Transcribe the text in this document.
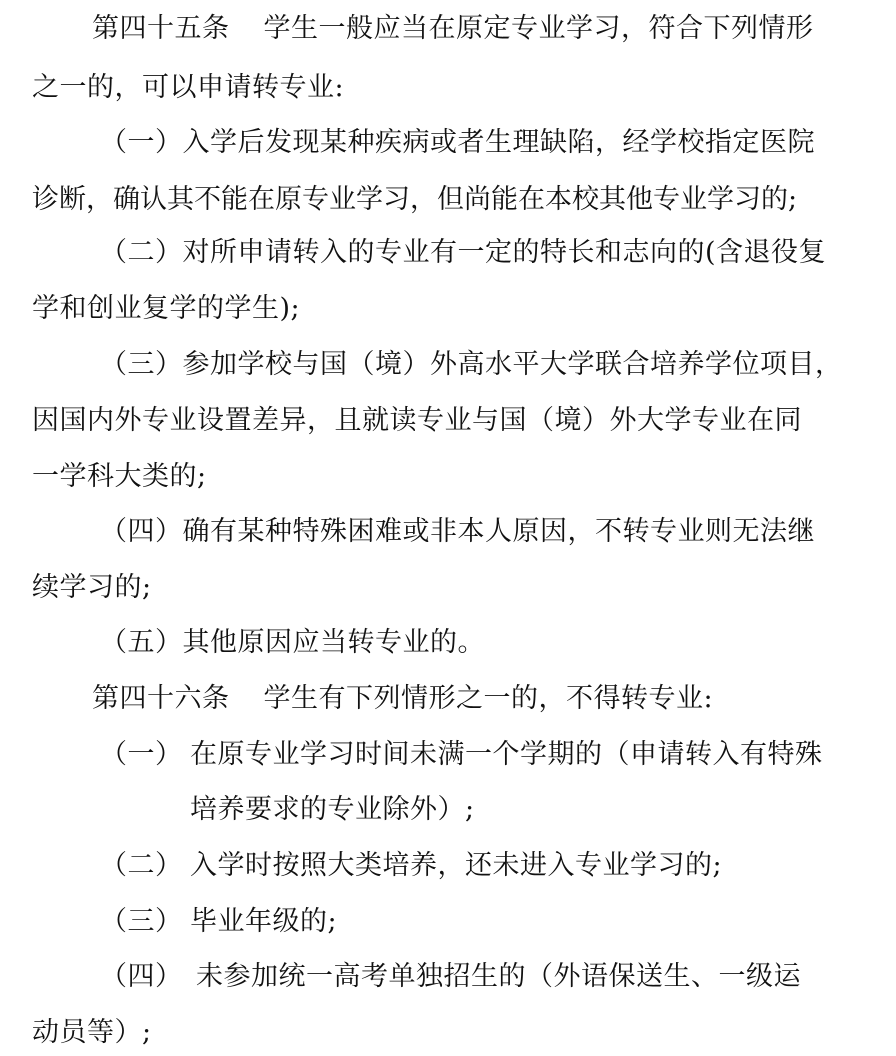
第四十五条 学生一般应当在原定专业学习，符合下列情形
之一的，可以申请转专业:
（一）入学后发现某种疾病或者生理缺陷，经学校指定医院
诊断，确认其不能在原专业学习，但尚能在本校其他专业学习的;
（二）对所申请转入的专业有一定的特长和志向的(含退役复
学和创业复学的学生);
（三）参加学校与国（境）外高水平大学联合培养学位项目，
因国内外专业设置差异，且就读专业与国（境）外大学专业在同
一学科大类的;
（四）确有某种特殊困难或非本人原因，不转专业则无法继
续学习的;
（五）其他原因应当转专业的。
第四十六条 学生有下列情形之一的，不得转专业:
（一） 在原专业学习时间未满一个学期的（申请转入有特殊
培养要求的专业除外）;
（二） 入学时按照大类培养，还未进入专业学习的;
（三） 毕业年级的;
（四） 未参加统一高考单独招生的（外语保送生、一级运
动员等）;
